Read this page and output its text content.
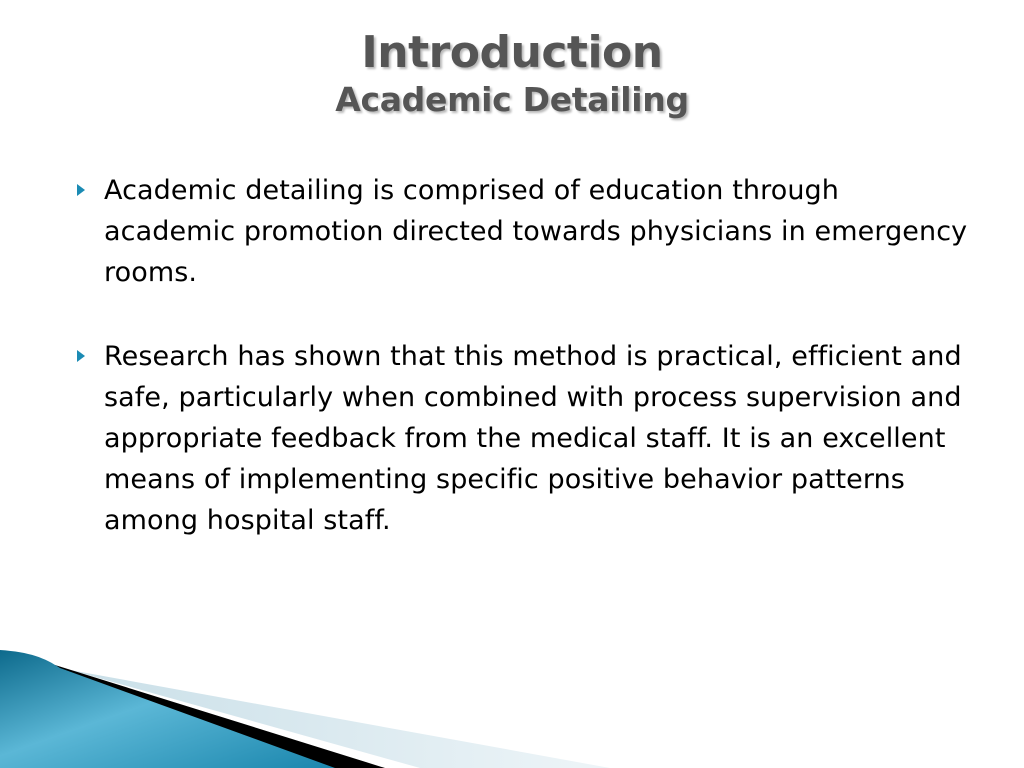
Introduction
Academic Detailing
Academic detailing is comprised of education through academic promotion directed towards physicians in emergency rooms.
Research has shown that this method is practical, efficient and safe, particularly when combined with process supervision and appropriate feedback from the medical staff. It is an excellent means of implementing specific positive behavior patterns among hospital staff.
